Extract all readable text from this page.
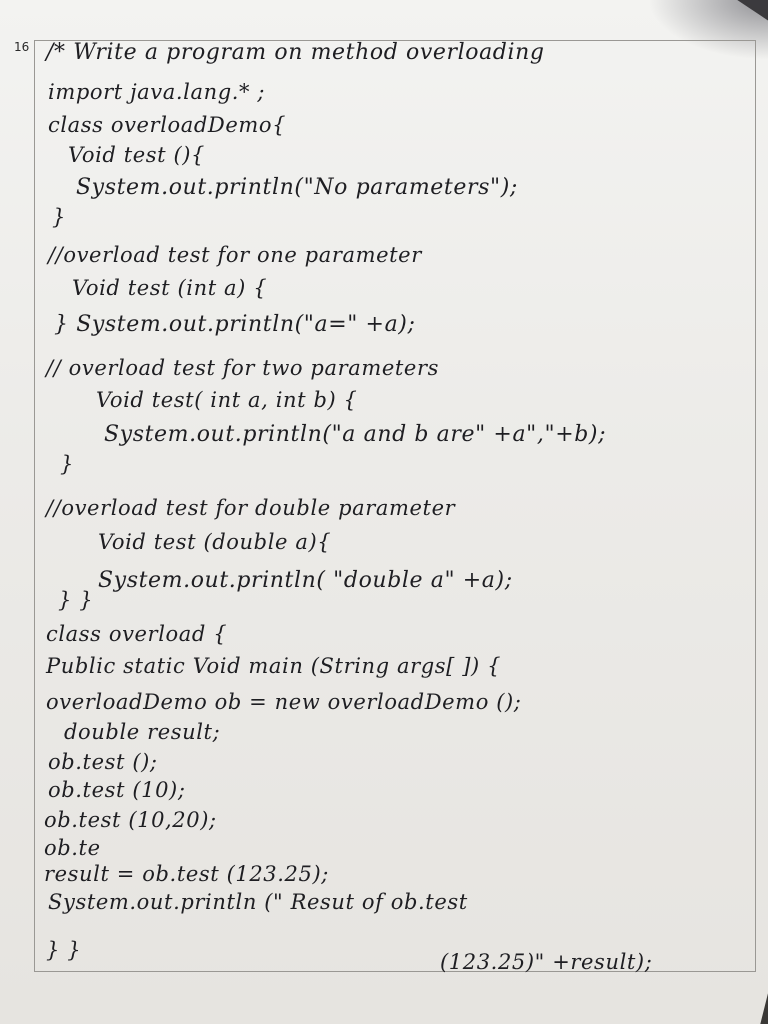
16 /* Write a program on method overloading
import java.lang.* ;
class overloadDemo{
Void test (){
System.out.println("No parameters");
}
//overload test for one parameter
Void test (int a) {
} System.out.println("a=" +a);
// overload test for two parameters
Void test( int a, int b) {
System.out.println("a and b are" +a","+b);
}
//overload test for double parameter
Void test (double a){
System.out.println( "double a" +a);
} }
class overload {
Public static Void main (String args[ ]) {
overloadDemo ob = new overloadDemo ();
double result;
ob.test ();
ob.test (10);
ob.test (10,20);
ob.te
result = ob.test (123.25);
System.out.println (" Resut of ob.test
(123.25)" +result);
} }
